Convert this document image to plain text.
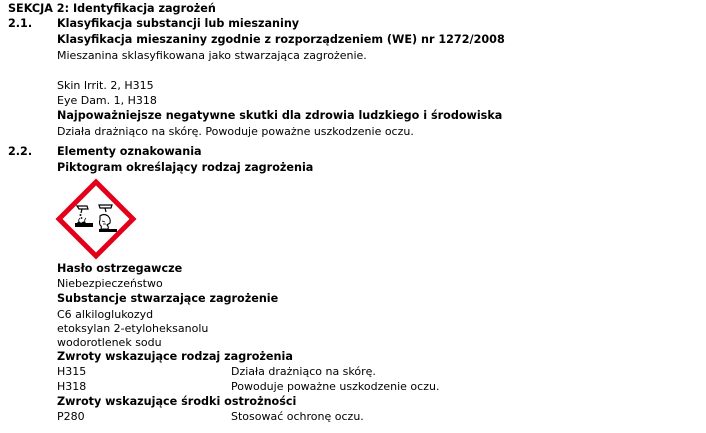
SEKCJA 2: Identyfikacja zagrożeń
2.1. Klasyfikacja substancji lub mieszaniny
Klasyfikacja mieszaniny zgodnie z rozporządzeniem (WE) nr 1272/2008
Mieszanina sklasyfikowana jako stwarzająca zagrożenie.
Skin Irrit. 2, H315
Eye Dam. 1, H318
Najpoważniejsze negatywne skutki dla zdrowia ludzkiego i środowiska
Działa drażniąco na skórę. Powoduje poważne uszkodzenie oczu.
2.2. Elementy oznakowania
Piktogram określający rodzaj zagrożenia
Hasło ostrzegawcze
Niebezpieczeństwo
Substancje stwarzające zagrożenie
C6 alkiloglukozyd
etoksylan 2-etyloheksanolu
wodorotlenek sodu
Zwroty wskazujące rodzaj zagrożenia
H315	Działa drażniąco na skórę.
H318	Powoduje poważne uszkodzenie oczu.
Zwroty wskazujące środki ostrożności
P280	Stosować ochronę oczu.
